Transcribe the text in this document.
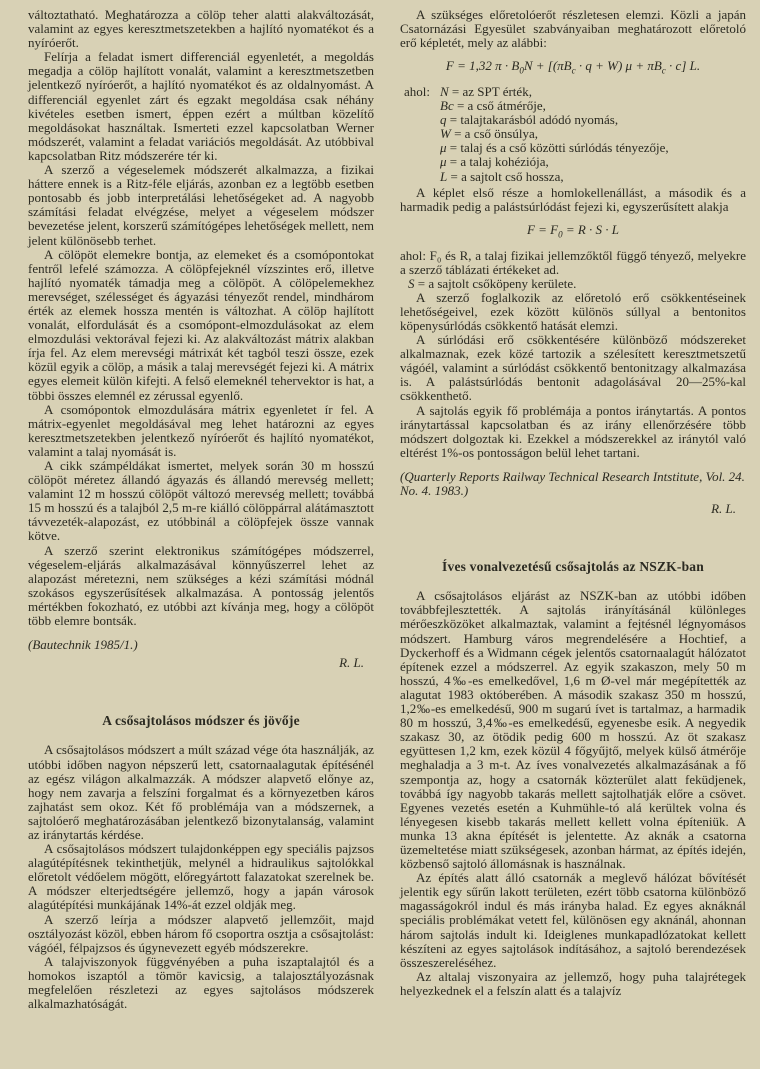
változtatható. Meghatározza a cölöp teher alatti alakváltozását, valamint az egyes keresztmetszetekben a hajlító nyomatékot és a nyíróerőt.

Felírja a feladat ismert differenciál egyenletét, a megoldás megadja a cölöp hajlított vonalát, valamint a keresztmetszetben jelentkező nyíróerőt, a hajlító nyomatékot és az oldalnyomást. A differenciál egyenlet zárt és egzakt megoldása csak néhány kivételes esetben ismert, éppen ezért a múltban közelítő megoldásokat használtak. Ismerteti ezzel kapcsolatban Werner módszerét, valamint a feladat variációs megoldását. Az utóbbival kapcsolatban Ritz módszerére tér ki.

A szerző a végeselemek módszerét alkalmazza, a fizikai háttere ennek is a Ritz-féle eljárás, azonban ez a legtöbb esetben pontosabb és jobb interpretálási lehetőségeket ad. A nagyobb számítási feladat elvégzése, melyet a végeselem módszer bevezetése jelent, korszerű számítógépes lehetőségek mellett, nem jelent különösebb terhet.

A cölöpöt elemekre bontja, az elemeket és a csomópontokat fentről lefelé számozza. A cölöpfejeknél vízszintes erő, illetve hajlító nyomaték támadja meg a cölöpöt. A cölöpelemekhez merevséget, szélességet és ágyazási tényezőt rendel, mindhárom érték az elemek hossza mentén is változhat. A cölöp hajlított vonalát, elfordulását és a csomópont-elmozdulásokat az elem elmozdulási vektorával fejezi ki. Az alakváltozást mátrix alakban írja fel. Az elem merevségi mátrixát két tagból teszi össze, ezek közül egyik a cölöp, a másik a talaj merevségét fejezi ki. A mátrix egyes elemeit külön kifejti. A felső elemeknél tehervektor is hat, a többi összes elemnél ez zérussal egyenlő.

A csomópontok elmozdulására mátrix egyenletet ír fel. A mátrix-egyenlet megoldásával meg lehet határozni az egyes keresztmetszetekben jelentkező nyíróerőt és hajlító nyomatékot, valamint a talaj nyomását is.

A cikk számpéldákat ismertet, melyek során 30 m hosszú cölöpöt méretez állandó ágyazás és állandó merevség mellett; valamint 12 m hosszú cölöpöt változó merevség mellett; továbbá 15 m hosszú és a talajból 2,5 m-re kiálló cölöppárral alátámasztott távvezeték-alapozást, ez utóbbinál a cölöpfejek össze vannak kötve.

A szerző szerint elektronikus számítógépes módszerrel, végeselem-eljárás alkalmazásával könnyűszerrel lehet az alapozást méretezni, nem szükséges a kézi számítási módnál szokásos egyszerűsítések alkalmazása. A pontosság jelentős mértékben fokozható, ez utóbbi azt kívánja meg, hogy a cölöpöt több elemre bontsák.

(Bautechnik 1985/1.)

R. L.

A csősajtolásos módszer és jövője

A csősajtolásos módszert a múlt század vége óta használják, az utóbbi időben nagyon népszerű lett, csatornaalagutak építésénél az egész világon alkalmazzák. A módszer alapvető előnye az, hogy nem zavarja a felszíni forgalmat és a környezetben káros zajhatást sem okoz. Két fő problémája van a módszernek, a sajtolóerő meghatározásában jelentkező bizonytalanság, valamint az iránytartás kérdése.

A csősajtolásos módszert tulajdonképpen egy speciális pajzsos alagútépítésnek tekinthetjük, melynél a hidraulikus sajtolókkal előretolt védőelem mögött, előregyártott falazatokat szerelnek be. A módszer elterjedtségére jellemző, hogy a japán városok alagútépítési munkájának 14%-át ezzel oldják meg.

A szerző leírja a módszer alapvető jellemzőit, majd osztályozást közöl, ebben három fő csoportra osztja a csősajtolást: vágóél, félpajzsos és úgynevezett egyéb módszerekre.

A talajviszonyok függvényében a puha iszaptalajtól és a homokos iszaptól a tömör kavicsig, a talajosztályozásnak megfelelően részletezi az egyes sajtolásos módszerek alkalmazhatóságát.

A szükséges előretolóerőt részletesen elemzi. Közli a japán Csatornázási Egyesület szabványaiban meghatározott előretoló erő képletét, mely az alábbi:

F = 1,32 $\pi \cdot B_0N + [(\pi B_c \cdot q + W) \mu + \pi B_c \cdot c]$ L.
ahol: N = az SPT érték,
Bc = a cső átmérője,
q = talajtakarásból adódó nyomás,
W = a cső önsúlya,
μ = talaj és a cső közötti súrlódás tényezője,
μ = a talaj kohéziója,
L = a sajtolt cső hossza,

A képlet első része a homlokellenállást, a második és a harmadik pedig a palástsúrlódást fejezi ki, egyszerűsített alakja

$F = F_0 = R \cdot S \cdot L$

ahol: F₀ és R, a talaj fizikai jellemzőktől függő tényező, melyekre a szerző táblázati értékeket ad.

S = a sajtolt csőköpeny kerülete.

A szerző foglalkozik az előretoló erő csökkentéseinek lehetőségeivel, ezek között különös súllyal a bentonitos köpenysúrlódás csökkentő hatását elemzi.

A súrlódási erő csökkentésére különböző módszereket alkalmaznak, ezek közé tartozik a szélesített keresztmetszetű vágóél, valamint a súrlódást csökkentő bentonitzagy alkalmazása is. A palástsúrlódás bentonit adagolásával 20—25%-kal csökkenthető.

A sajtolás egyik fő problémája a pontos iránytartás. A pontos iránytartással kapcsolatban és az irány ellenőrzésére több módszert dolgoztak ki. Ezekkel a módszerekkel az iránytól való eltérést 1%-os pontosságon belül lehet tartani.

(Quarterly Reports Railway Technical Research Intstitute, Vol. 24. No. 4. 1983.)

R. L.

Íves vonalvezetésű csősajtolás az NSZK-ban

A csősajtolásos eljárást az NSZK-ban az utóbbi időben továbbfejlesztették. A sajtolás irányításánál különleges mérőeszközöket alkalmaztak, valamint a fejtésnél légnyomásos módszert. Hamburg város megrendelésére a Hochtief, a Dyckerhoff és a Widmann cégek jelentős csatornaalagút hálózatot építenek ezzel a módszerrel. Az egyik szakaszon, mely 50 m hosszú, 4‰-es emelkedővel, 1,6 m Ø-vel már megépítették az alagutat 1983 októberében. A második szakasz 350 m hosszú, 1,2‰-es emelkedésű, 900 m sugarú ívet is tartalmaz, a harmadik 80 m hosszú, 3,4‰-es emelkedésű, egyenesbe esik. A negyedik szakasz 30, az ötödik pedig 600 m hosszú. Az öt szakasz együttesen 1,2 km, ezek közül 4 főgyűjtő, melyek külső átmérője meghaladja a 3 m-t. Az íves vonalvezetés alkalmazásának a fő szempontja az, hogy a csatornák közterület alatt feküdjenek, továbbá így nagyobb takarás mellett sajtolhatják előre a csövet. Egyenes vezetés esetén a Kuhmühle-tó alá kerültek volna és lényegesen kisebb takarás mellett kellett volna építeniük. A munka 13 akna építését is jelentette. Az aknák a csatorna üzemeltetése miatt szükségesek, azonban hármat, az építés idején, közbenső sajtoló állomásnak is használnak.

Az építés alatt álló csatornák a meglevő hálózat bővítését jelentik egy sűrűn lakott területen, ezért több csatorna különböző magasságokról indul és más irányba halad. Ez egyes aknáknál speciális problémákat vetett fel, különösen egy aknánál, ahonnan három sajtolás indult ki. Ideiglenes munkapadlózatokat kellett készíteni az egyes sajtolások indításához, a sajtoló berendezések összeszereléséhez.

Az altalaj viszonyaira az jellemző, hogy puha talajrétegek helyezkednek el a felszín alatt és a talajvíz
